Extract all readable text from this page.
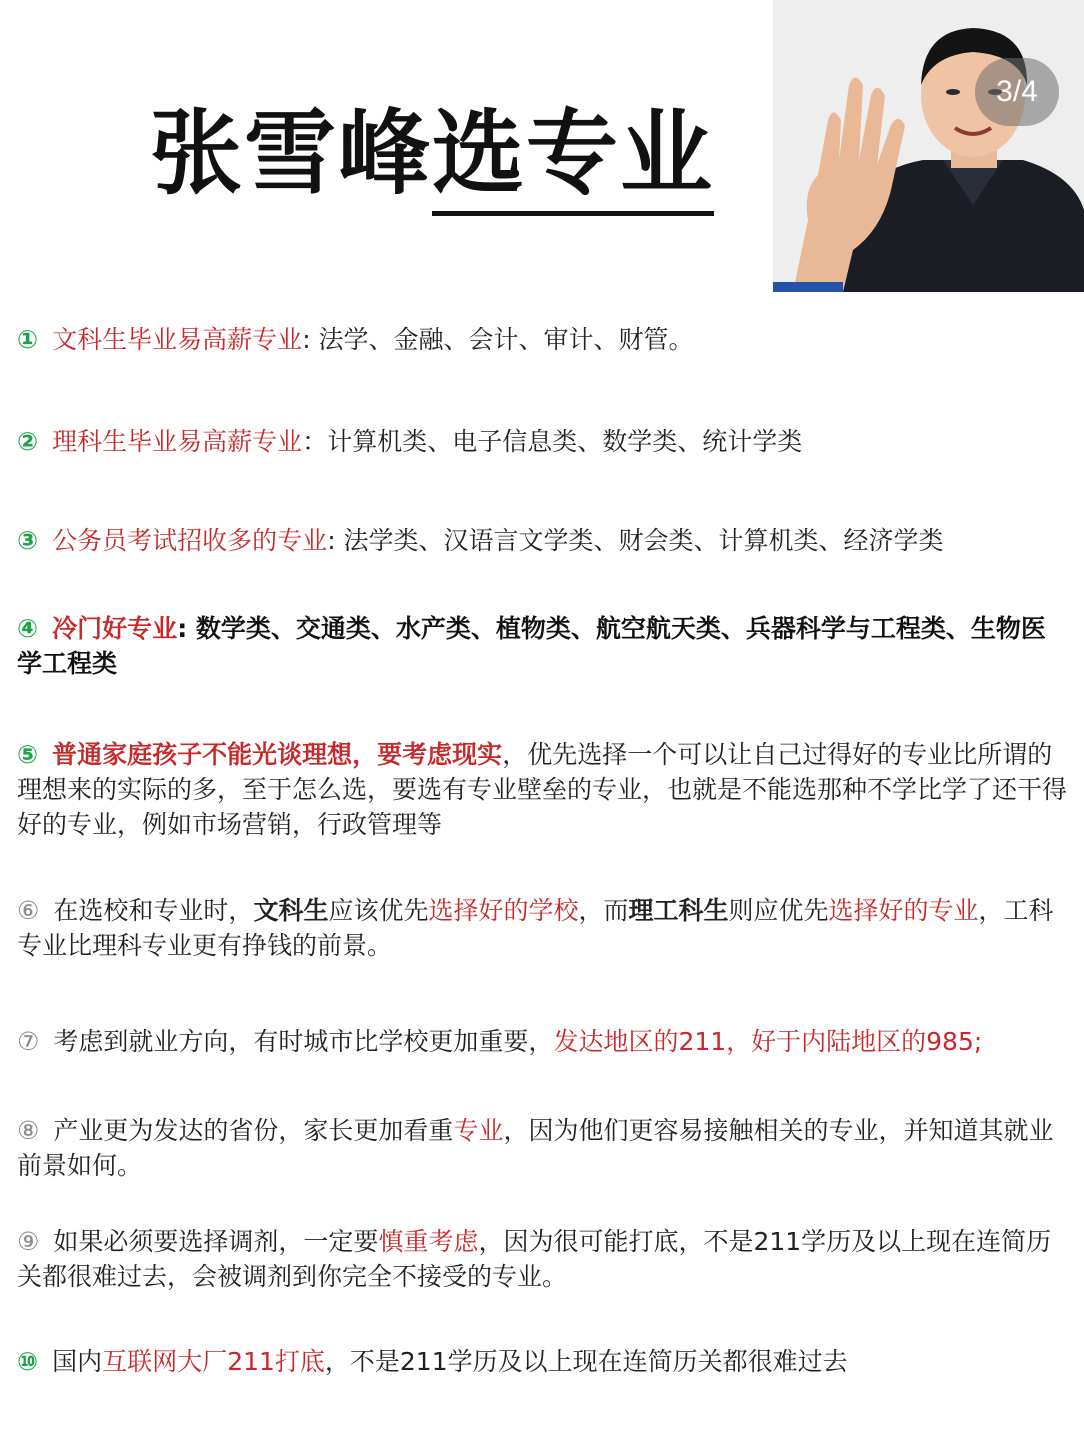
张雪峰选专业
3/4
① 文科生毕业易高薪专业: 法学、金融、会计、审计、财管。
② 理科生毕业易高薪专业：计算机类、电子信息类、数学类、统计学类
③ 公务员考试招收多的专业: 法学类、汉语言文学类、财会类、计算机类、经济学类
④ 冷门好专业: 数学类、交通类、水产类、植物类、航空航天类、兵器科学与工程类、生物医学工程类
⑤ 普通家庭孩子不能光谈理想，要考虑现实，优先选择一个可以让自己过得好的专业比所谓的理想来的实际的多，至于怎么选，要选有专业壁垒的专业，也就是不能选那种不学比学了还干得好的专业，例如市场营销，行政管理等
⑥ 在选校和专业时，文科生应该优先选择好的学校，而理工科生则应优先选择好的专业，工科专业比理科专业更有挣钱的前景。
⑦ 考虑到就业方向，有时城市比学校更加重要，发达地区的211，好于内陆地区的985;
⑧ 产业更为发达的省份，家长更加看重专业，因为他们更容易接触相关的专业，并知道其就业前景如何。
⑨ 如果必须要选择调剂，一定要慎重考虑，因为很可能打底，不是211学历及以上现在连简历关都很难过去，会被调剂到你完全不接受的专业。
⑩ 国内互联网大厂211打底，不是211学历及以上现在连简历关都很难过去
